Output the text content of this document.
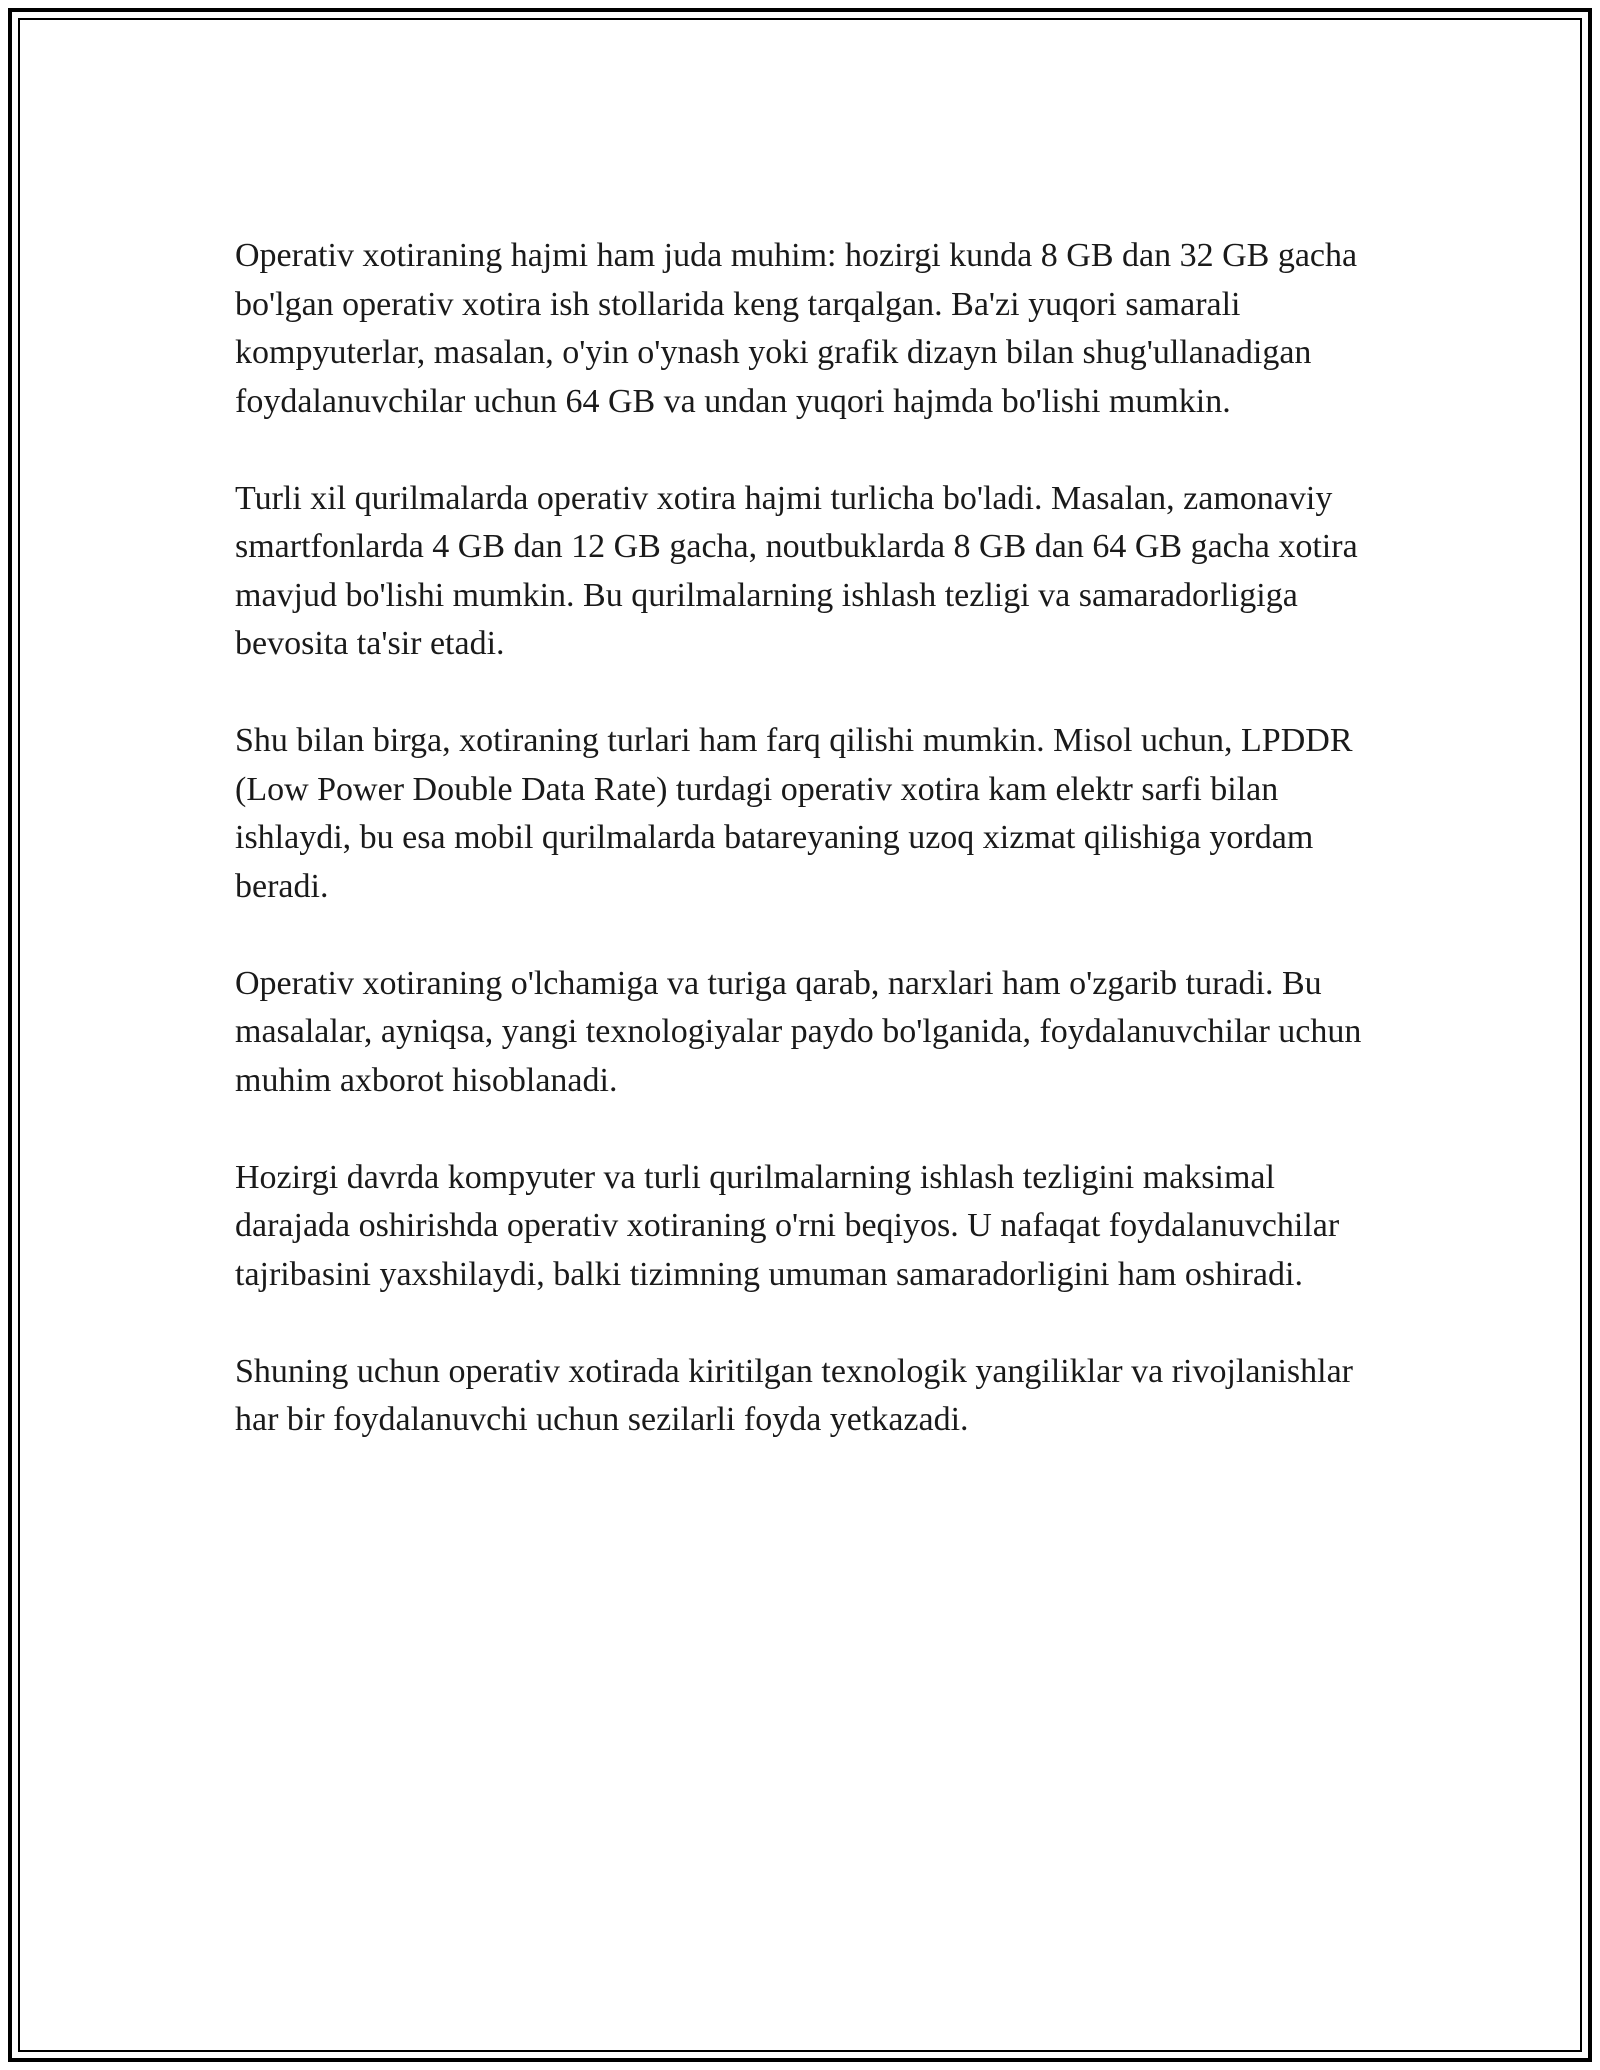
Operativ xotiraning hajmi ham juda muhim: hozirgi kunda 8 GB dan 32 GB gacha bo'lgan operativ xotira ish stollarida keng tarqalgan. Ba'zi yuqori samarali kompyuterlar, masalan, o'yin o'ynash yoki grafik dizayn bilan shug'ullanadigan foydalanuvchilar uchun 64 GB va undan yuqori hajmda bo'lishi mumkin.

Turli xil qurilmalarda operativ xotira hajmi turlicha bo'ladi. Masalan, zamonaviy smartfonlarda 4 GB dan 12 GB gacha, noutbuklarda 8 GB dan 64 GB gacha xotira mavjud bo'lishi mumkin. Bu qurilmalarning ishlash tezligi va samaradorligiga bevosita ta'sir etadi.

Shu bilan birga, xotiraning turlari ham farq qilishi mumkin. Misol uchun, LPDDR (Low Power Double Data Rate) turdagi operativ xotira kam elektr sarfi bilan ishlaydi, bu esa mobil qurilmalarda batareyaning uzoq xizmat qilishiga yordam beradi.

Operativ xotiraning o'lchamiga va turiga qarab, narxlari ham o'zgarib turadi. Bu masalalar, ayniqsa, yangi texnologiyalar paydo bo'lganida, foydalanuvchilar uchun muhim axborot hisoblanadi.

Hozirgi davrda kompyuter va turli qurilmalarning ishlash tezligini maksimal darajada oshirishda operativ xotiraning o'rni beqiyos. U nafaqat foydalanuvchilar tajribasini yaxshilaydi, balki tizimning umuman samaradorligini ham oshiradi.

Shuning uchun operativ xotirada kiritilgan texnologik yangiliklar va rivojlanishlar har bir foydalanuvchi uchun sezilarli foyda yetkazadi.
